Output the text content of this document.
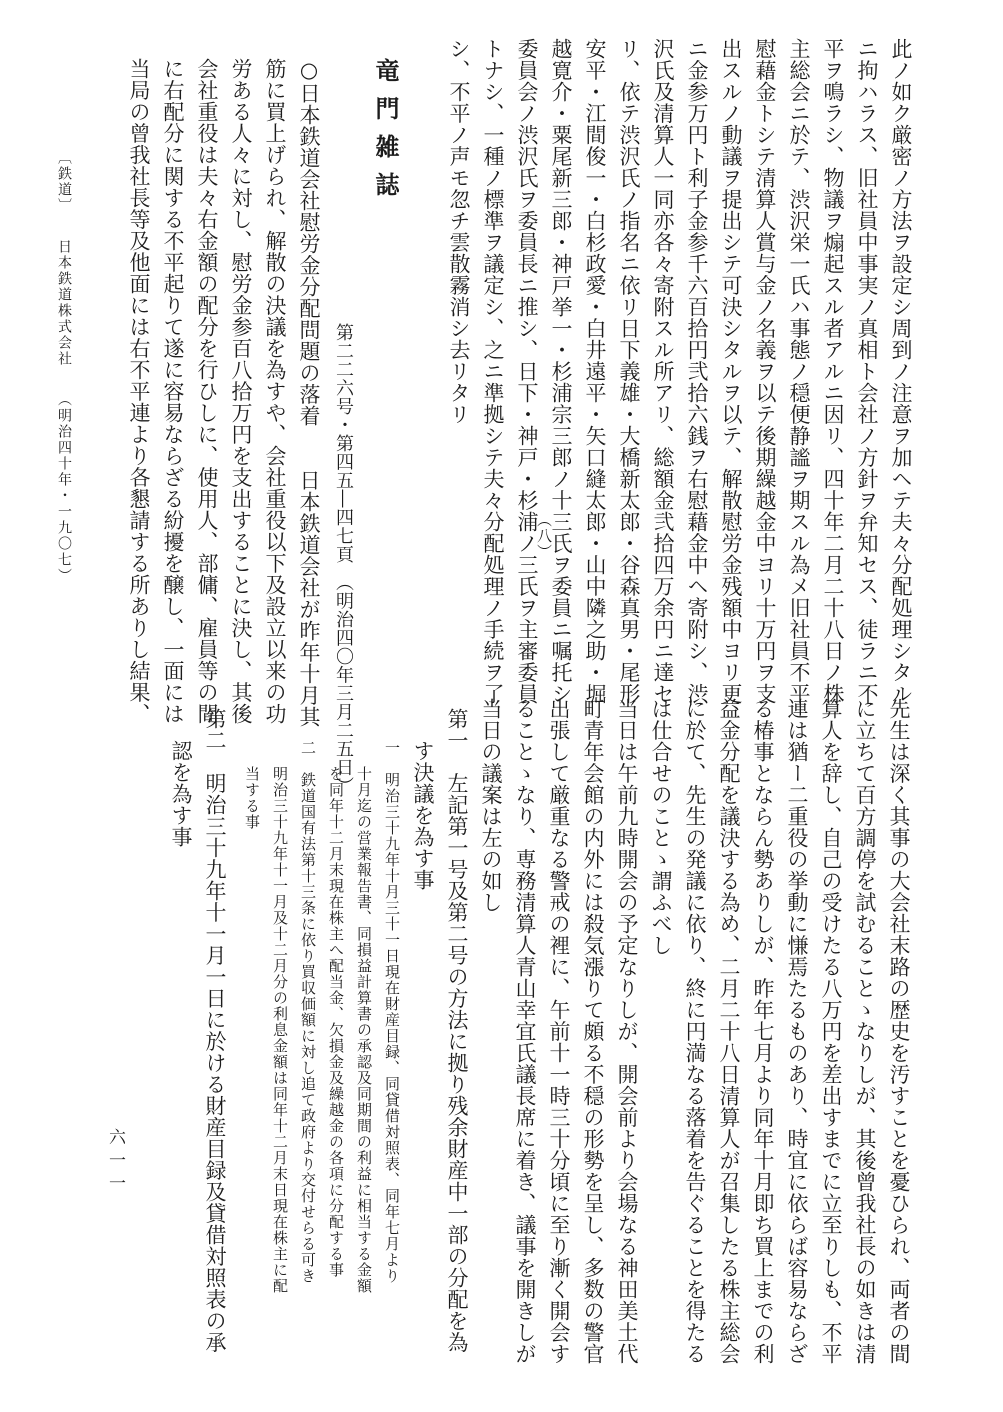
此ノ如ク厳密ノ方法ヲ設定シ周到ノ注意ヲ加ヘテ夫々分配処理シタル
ニ拘ハラス、旧社員中事実ノ真相ト会社ノ方針ヲ弁知セス、徒ラニ不
平ヲ鳴ラシ、物議ヲ煽起スル者アルニ因リ、四十年二月二十八日ノ株
主総会ニ於テ、渋沢栄一氏ハ事態ノ穏便静謐ヲ期スル為メ旧社員不平
慰藉金トシテ清算人賞与金ノ名義ヲ以テ後期繰越金中ヨリ十万円ヲ支
出スルノ動議ヲ提出シテ可決シタルヲ以テ、解散慰労金残額中ヨリ更
ニ金参万円ト利子金参千六百拾円弐拾六銭ヲ右慰藉金中ヘ寄附シ、渋
沢氏及清算人一同亦各々寄附スル所アリ、総額金弐拾四万余円ニ達セ
リ、依テ渋沢氏ノ指名ニ依リ日下義雄・大橋新太郎・谷森真男・尾形
安平・江間俊一・白杉政愛・白井遠平・矢口縫太郎・山中隣之助・堀
越寛介・粟尾新三郎・神戸挙一・杉浦宗三郎ノ十三氏ヲ委員ニ嘱托シ
委員会ノ渋沢氏ヲ委員長ニ推シ、日下・神戸・杉浦ノ三氏ヲ主審委員
トナシ、一種ノ標準ヲ議定シ、之ニ準拠シテ夫々分配処理ノ手続ヲ了
シ、不平ノ声モ忽チ雲散霧消シ去リタリ
（八）
竜門雑誌
第二二六号・第四五―四七頁　（明治四〇年三月二五日）
○日本鉄道会社慰労金分配問題の落着　　日本鉄道会社が昨年十月其
筋に買上げられ、解散の決議を為すや、会社重役以下及設立以来の功
労ある人々に対し、慰労金参百八拾万円を支出することに決し、其後
会社重役は夫々右金額の配分を行ひしに、使用人、部傭、雇員等の間
に右配分に関する不平起りて遂に容易ならざる紛擾を醸し、一面には
当局の曾我社長等及他面には右不平連より各懇請する所ありし結果、
〔鉄道〕　　日本鉄道株式会社　　（明治四十年・一九〇七）
先生は深く其事の大会社末路の歴史を汚すことを憂ひられ、両者の間
に立ちて百方調停を試むることゝなりしが、其後曾我社長の如きは清
算人を辞し、自己の受けたる八万円を差出すまでに立至りしも、不平
連は猶ー二重役の挙動に慊焉たるものあり、時宜に依らば容易ならざ
る椿事とならん勢ありしが、昨年七月より同年十月即ち買上までの利
益金分配を議決する為め、二月二十八日清算人が召集したる株主総会
に於て、先生の発議に依り、終に円満なる落着を告ぐることを得たる
は仕合せのことゝ謂ふべし
当日は午前九時開会の予定なりしが、開会前より会場なる神田美土代
町青年会館の内外には殺気漲りて頗る不穏の形勢を呈し、多数の警官
出張して厳重なる警戒の裡に、午前十一時三十分頃に至り漸く開会す
ることゝなり、専務清算人青山幸宜氏議長席に着き、議事を開きしが
当日の議案は左の如し
第一　左記第一号及第二号の方法に拠り残余財産中一部の分配を為
す決議を為す事
一　明治三十九年十月三十一日現在財産目録、同貸借対照表、同年七月より
十月迄の営業報告書、同損益計算書の承認及同期間の利益に相当する金額
を同年十二月末現在株主へ配当金、欠損金及繰越金の各項に分配する事
二　鉄道国有法第十三条に依り買収価額に対し追て政府より交付せらる可き
明治三十九年十一月及十二月分の利息金額は同年十二月末日現在株主に配
当する事
第二　明治三十九年十一月一日に於ける財産目録及貸借対照表の承
認を為す事
六一一
